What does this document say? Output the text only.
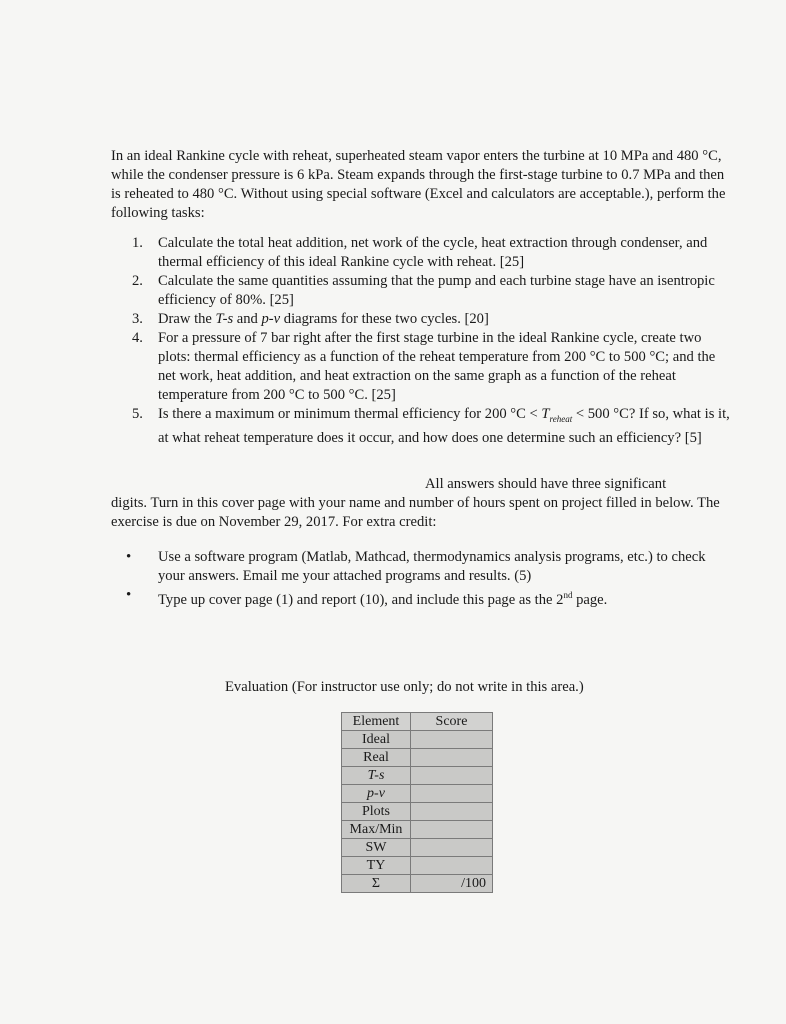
In an ideal Rankine cycle with reheat, superheated steam vapor enters the turbine at 10 MPa and 480 °C, while the condenser pressure is 6 kPa. Steam expands through the first-stage turbine to 0.7 MPa and then is reheated to 480 °C. Without using special software (Excel and calculators are acceptable.), perform the following tasks:
1. Calculate the total heat addition, net work of the cycle, heat extraction through condenser, and thermal efficiency of this ideal Rankine cycle with reheat. [25]
2. Calculate the same quantities assuming that the pump and each turbine stage have an isentropic efficiency of 80%. [25]
3. Draw the T-s and p-v diagrams for these two cycles. [20]
4. For a pressure of 7 bar right after the first stage turbine in the ideal Rankine cycle, create two plots: thermal efficiency as a function of the reheat temperature from 200 °C to 500 °C; and the net work, heat addition, and heat extraction on the same graph as a function of the reheat temperature from 200 °C to 500 °C. [25]
5. Is there a maximum or minimum thermal efficiency for 200 $^\circ C < T_{reheat} < 500$ °C? If so, what is it, at what reheat temperature does it occur, and how does one determine such an efficiency? [5]
All answers should have three significant
digits. Turn in this cover page with your name and number of hours spent on project filled in below. The exercise is due on November 29, 2017. For extra credit:
• Use a software program (Matlab, Mathcad, thermodynamics analysis programs, etc.) to check your answers. Email me your attached programs and results. (5)
• Type up cover page (1) and report (10), and include this page as the 2nd page.
Evaluation (For instructor use only; do not write in this area.)
Element	Score
Ideal	
Real	
T-s	
p-v	
Plots	
Max/Min	
SW	
TY	
Σ	/100
